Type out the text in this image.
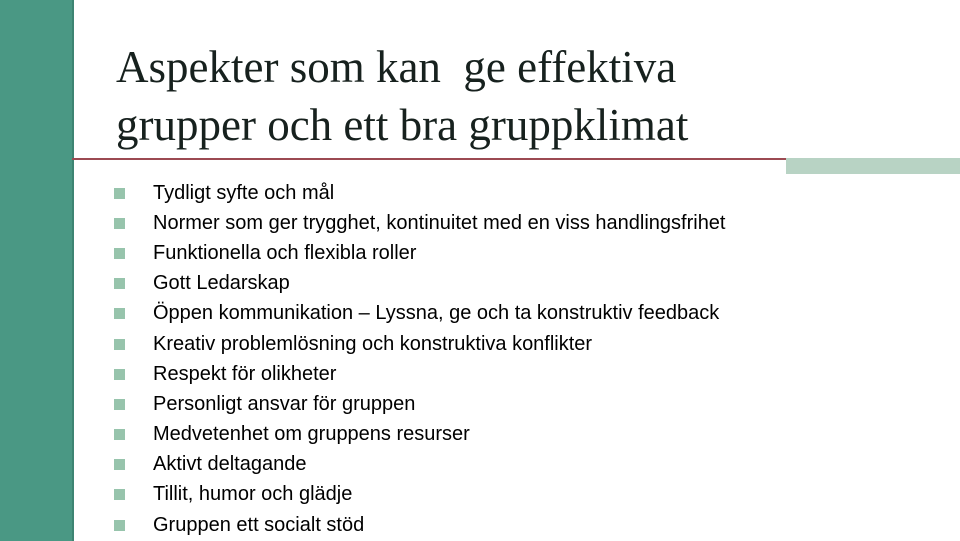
Aspekter som kan  ge effektiva
grupper och ett bra gruppklimat
Tydligt syfte och mål
Normer som ger trygghet, kontinuitet med en viss handlingsfrihet
Funktionella och flexibla roller
Gott Ledarskap
Öppen kommunikation – Lyssna, ge och ta konstruktiv feedback
Kreativ problemlösning och konstruktiva konflikter
Respekt för olikheter
Personligt ansvar för gruppen
Medvetenhet om gruppens resurser
Aktivt deltagande
Tillit, humor och glädje
Gruppen ett socialt stöd
